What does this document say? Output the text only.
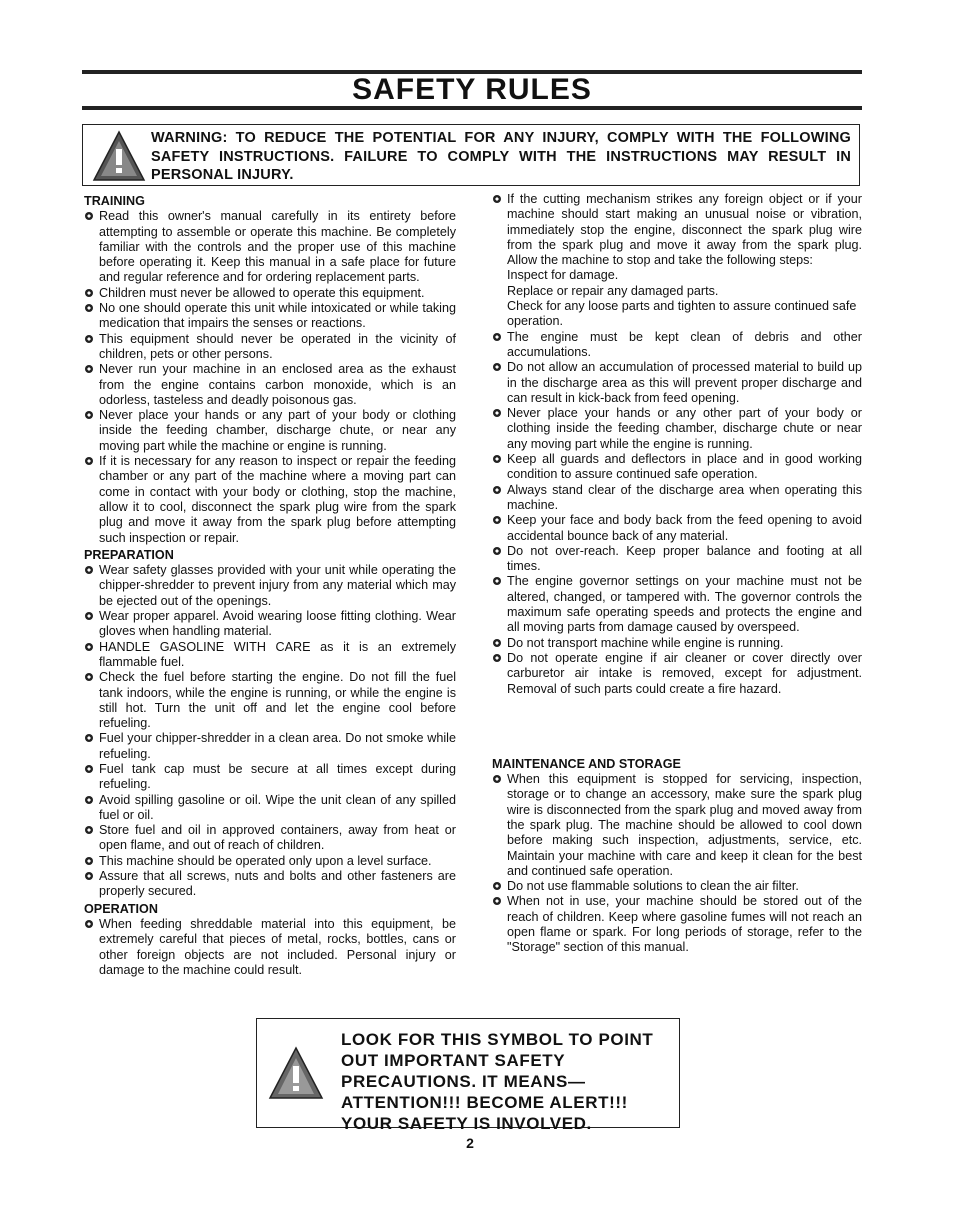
SAFETY RULES
WARNING: TO REDUCE THE POTENTIAL FOR ANY INJURY, COMPLY WITH THE FOLLOWING SAFETY INSTRUCTIONS. FAILURE TO COMPLY WITH THE INSTRUCTIONS MAY RESULT IN PERSONAL INJURY.
TRAINING
Read this owner's manual carefully in its entirety before attempting to assemble or operate this machine. Be completely familiar with the controls and the proper use of this machine before operating it. Keep this manual in a safe place for future and regular reference and for ordering replacement parts.
Children must never be allowed to operate this equipment.
No one should operate this unit while intoxicated or while taking medication that impairs the senses or reactions.
This equipment should never be operated in the vicinity of children, pets or other persons.
Never run your machine in an enclosed area as the exhaust from the engine contains carbon monoxide, which is an odorless, tasteless and deadly poisonous gas.
Never place your hands or any part of your body or clothing inside the feeding chamber, discharge chute, or near any moving part while the machine or engine is running.
If it is necessary for any reason to inspect or repair the feeding chamber or any part of the machine where a moving part can come in contact with your body or clothing, stop the machine, allow it to cool, disconnect the spark plug wire from the spark plug and move it away from the spark plug before attempting such inspection or repair.
PREPARATION
Wear safety glasses provided with your unit while operating the chipper-shredder to prevent injury from any material which may be ejected out of the openings.
Wear proper apparel. Avoid wearing loose fitting clothing. Wear gloves when handling material.
HANDLE GASOLINE WITH CARE as it is an extremely flammable fuel.
Check the fuel before starting the engine. Do not fill the fuel tank indoors, while the engine is running, or while the engine is still hot. Turn the unit off and let the engine cool before refueling.
Fuel your chipper-shredder in a clean area. Do not smoke while refueling.
Fuel tank cap must be secure at all times except during refueling.
Avoid spilling gasoline or oil. Wipe the unit clean of any spilled fuel or oil.
Store fuel and oil in approved containers, away from heat or open flame, and out of reach of children.
This machine should be operated only upon a level surface.
Assure that all screws, nuts and bolts and other fasteners are properly secured.
OPERATION
When feeding shreddable material into this equipment, be extremely careful that pieces of metal, rocks, bottles, cans or other foreign objects are not included. Personal injury or damage to the machine could result.
If the cutting mechanism strikes any foreign object or if your machine should start making an unusual noise or vibration, immediately stop the engine, disconnect the spark plug wire from the spark plug and move it away from the spark plug. Allow the machine to stop and take the following steps:
Inspect for damage.
Replace or repair any damaged parts.
Check for any loose parts and tighten to assure continued safe operation.
The engine must be kept clean of debris and other accumulations.
Do not allow an accumulation of processed material to build up in the discharge area as this will prevent proper discharge and can result in kick-back from feed opening.
Never place your hands or any other part of your body or clothing inside the feeding chamber, discharge chute or near any moving part while the engine is running.
Keep all guards and deflectors in place and in good working condition to assure continued safe operation.
Always stand clear of the discharge area when operating this machine.
Keep your face and body back from the feed opening to avoid accidental bounce back of any material.
Do not over-reach. Keep proper balance and footing at all times.
The engine governor settings on your machine must not be altered, changed, or tampered with. The governor controls the maximum safe operating speeds and protects the engine and all moving parts from damage caused by overspeed.
Do not transport machine while engine is running.
Do not operate engine if air cleaner or cover directly over carburetor air intake is removed, except for adjustment. Removal of such parts could create a fire hazard.
MAINTENANCE AND STORAGE
When this equipment is stopped for servicing, inspection, storage or to change an accessory, make sure the spark plug wire is disconnected from the spark plug and moved away from the spark plug. The machine should be allowed to cool down before making such inspection, adjustments, service, etc. Maintain your machine with care and keep it clean for the best and continued safe operation.
Do not use flammable solutions to clean the air filter.
When not in use, your machine should be stored out of the reach of children. Keep where gasoline fumes will not reach an open flame or spark. For long periods of storage, refer to the "Storage" section of this manual.
LOOK FOR THIS SYMBOL TO POINT OUT IMPORTANT SAFETY PRECAUTIONS. IT MEANS—ATTENTION!!! BECOME ALERT!!! YOUR SAFETY IS INVOLVED.
2
